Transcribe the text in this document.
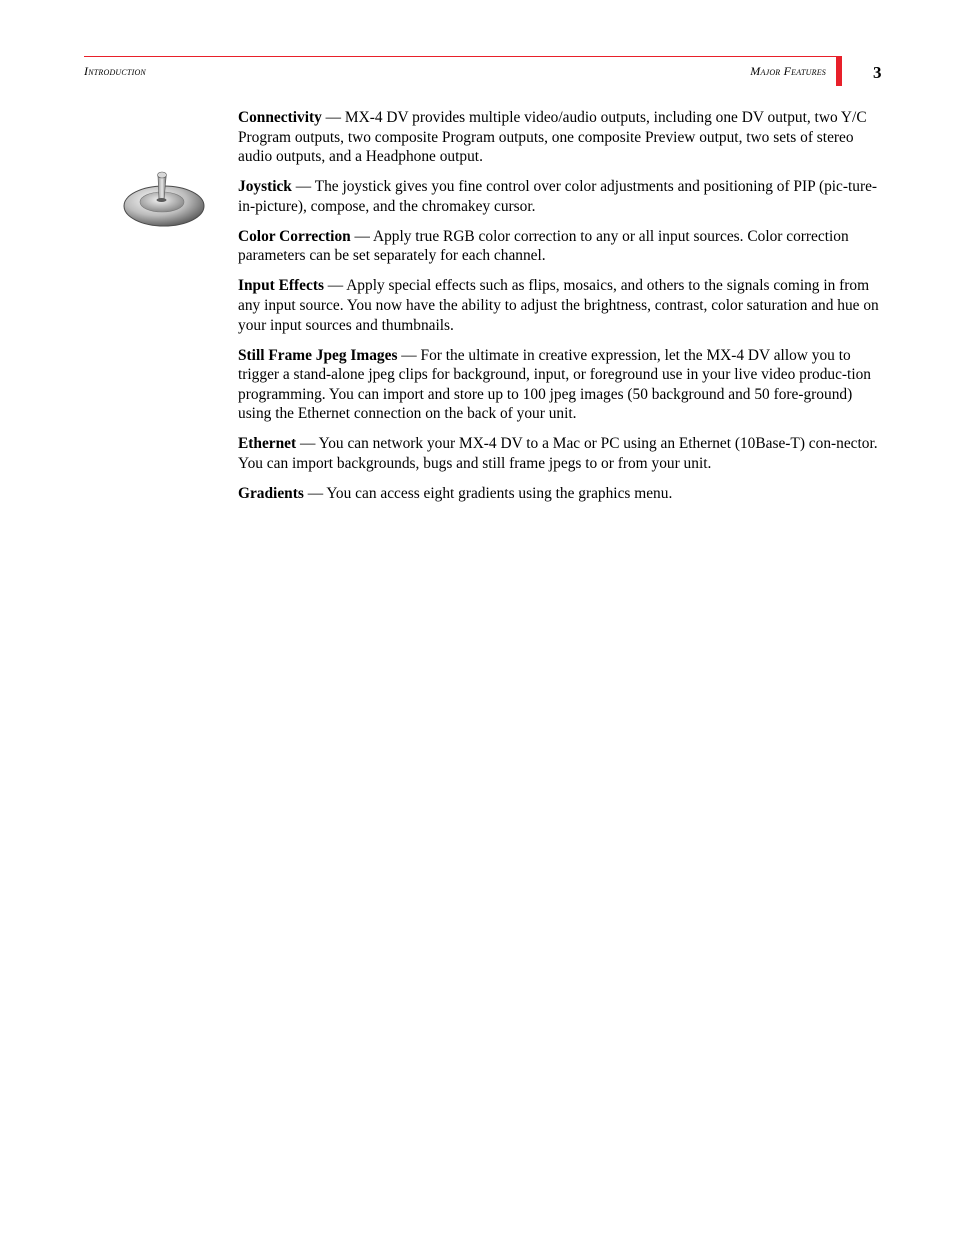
Introduction	Major Features	3

Connectivity — MX-4 DV provides multiple video/audio outputs, including one DV output, two Y/C Program outputs, two composite Program outputs, one composite Preview output, two sets of stereo audio outputs, and a Headphone output.

Joystick — The joystick gives you fine control over color adjustments and positioning of PIP (pic-ture-in-picture), compose, and the chromakey cursor.

Color Correction — Apply true RGB color correction to any or all input sources. Color correction parameters can be set separately for each channel.

Input Effects — Apply special effects such as flips, mosaics, and others to the signals coming in from any input source. You now have the ability to adjust the brightness, contrast, color saturation and hue on your input sources and thumbnails.

Still Frame Jpeg Images — For the ultimate in creative expression, let the MX-4 DV allow you to trigger a stand-alone jpeg clips for background, input, or foreground use in your live video produc-tion programming. You can import and store up to 100 jpeg images (50 background and 50 fore-ground) using the Ethernet connection on the back of your unit.

Ethernet — You can network your MX-4 DV to a Mac or PC using an Ethernet (10Base-T) con-nector. You can import backgrounds, bugs and still frame jpegs to or from your unit.

Gradients — You can access eight gradients using the graphics menu.
